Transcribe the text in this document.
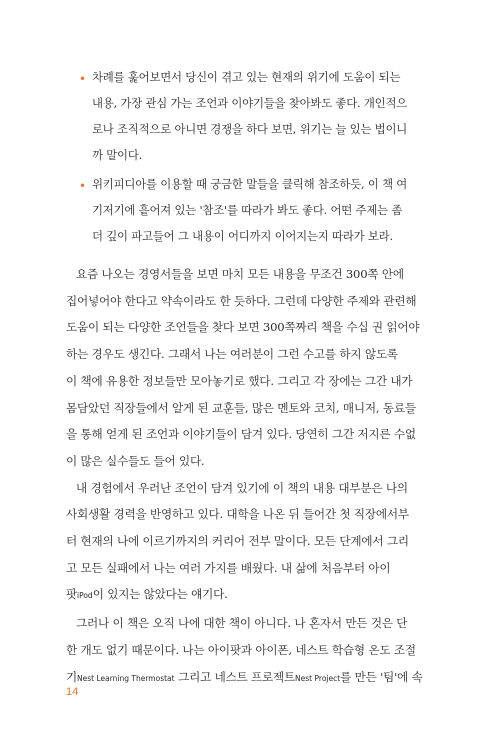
• 차례를 훑어보면서 당신이 겪고 있는 현재의 위기에 도움이 되는
내용, 가장 관심 가는 조언과 이야기들을 찾아봐도 좋다. 개인적으
로나 조직적으로 아니면 경쟁을 하다 보면, 위기는 늘 있는 법이니
까 말이다.
• 위키피디아를 이용할 때 궁금한 말들을 클릭해 참조하듯, 이 책 여
기저기에 흩어져 있는 '참조'를 따라가 봐도 좋다. 어떤 주제는 좀
더 깊이 파고들어 그 내용이 어디까지 이어지는지 따라가 보라.
요즘 나오는 경영서들을 보면 마치 모든 내용을 무조건 300쪽 안에
집어넣어야 한다고 약속이라도 한 듯하다. 그런데 다양한 주제와 관련해
도움이 되는 다양한 조언들을 찾다 보면 300쪽짜리 책을 수십 권 읽어야
하는 경우도 생긴다. 그래서 나는 여러분이 그런 수고를 하지 않도록
이 책에 유용한 정보들만 모아놓기로 했다. 그리고 각 장에는 그간 내가
몸담았던 직장들에서 알게 된 교훈들, 많은 멘토와 코치, 매니저, 동료들
을 통해 얻게 된 조언과 이야기들이 담겨 있다. 당연히 그간 저지른 수없
이 많은 실수들도 들어 있다.
내 경험에서 우러난 조언이 담겨 있기에 이 책의 내용 대부분은 나의
사회생활 경력을 반영하고 있다. 대학을 나온 뒤 들어간 첫 직장에서부
터 현재의 나에 이르기까지의 커리어 전부 말이다. 모든 단계에서 그리
고 모든 실패에서 나는 여러 가지를 배웠다. 내 삶에 처음부터 아이
팟iPod이 있지는 않았다는 얘기다.
그러나 이 책은 오직 나에 대한 책이 아니다. 나 혼자서 만든 것은 단
한 개도 없기 때문이다. 나는 아이팟과 아이폰, 네스트 학습형 온도 조절
기Nest Learning Thermostat 그리고 네스트 프로젝트Nest Project를 만든 '팀'에 속
14
